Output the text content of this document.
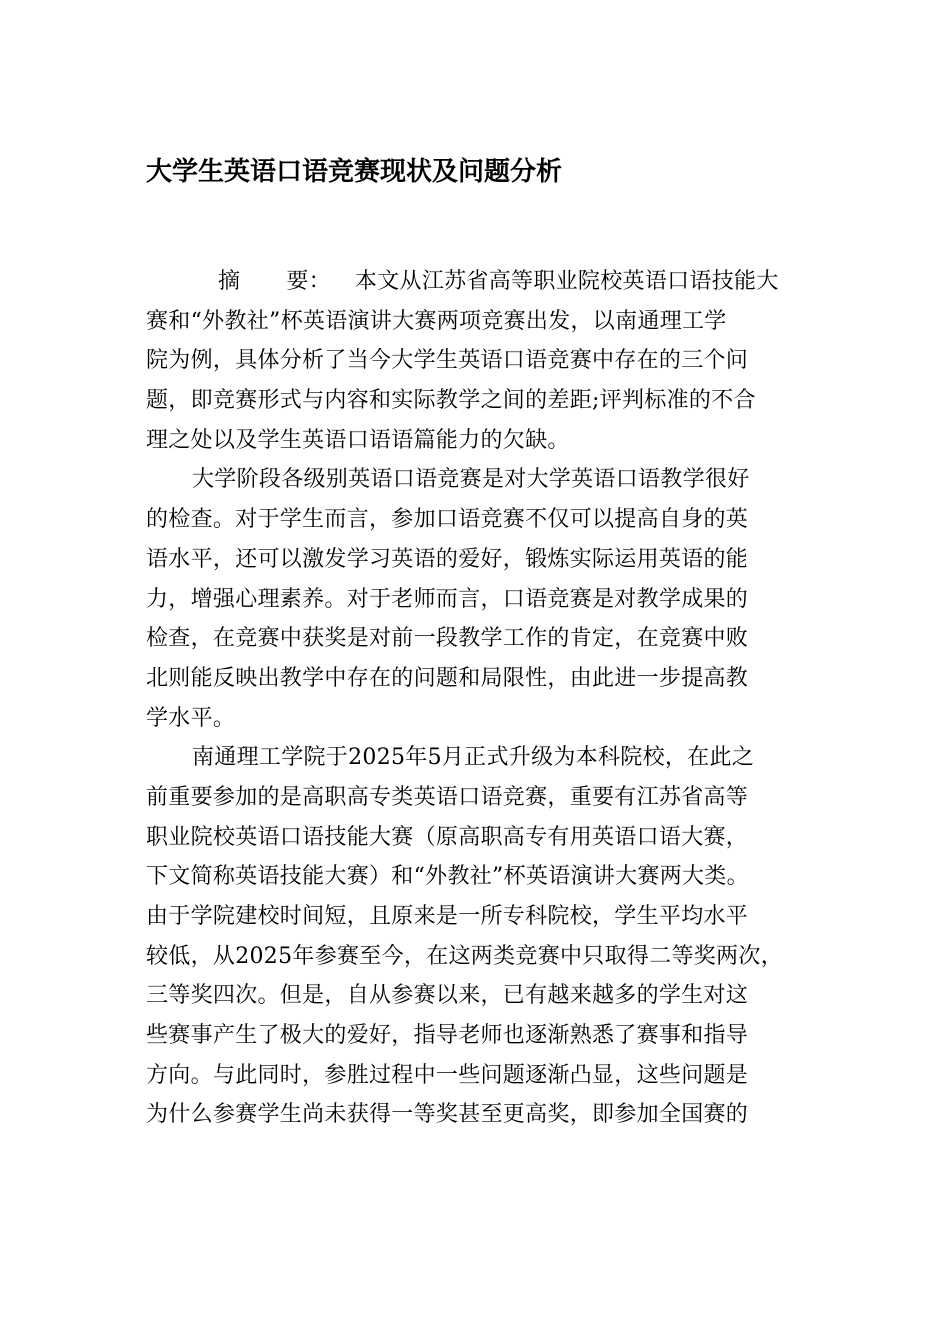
大学生英语口语竞赛现状及问题分析
摘 要： 本文从江苏省高等职业院校英语口语技能大
赛和“外教社”杯英语演讲大赛两项竞赛出发，以南通理工学
院为例，具体分析了当今大学生英语口语竞赛中存在的三个问
题，即竞赛形式与内容和实际教学之间的差距;评判标准的不合
理之处以及学生英语口语语篇能力的欠缺。
大学阶段各级别英语口语竞赛是对大学英语口语教学很好
的检查。对于学生而言，参加口语竞赛不仅可以提高自身的英
语水平，还可以激发学习英语的爱好，锻炼实际运用英语的能
力，增强心理素养。对于老师而言，口语竞赛是对教学成果的
检查，在竞赛中获奖是对前一段教学工作的肯定，在竞赛中败
北则能反映出教学中存在的问题和局限性，由此进一步提高教
学水平。
南通理工学院于2025年5月正式升级为本科院校，在此之
前重要参加的是高职高专类英语口语竞赛，重要有江苏省高等
职业院校英语口语技能大赛（原高职高专有用英语口语大赛，
下文简称英语技能大赛）和“外教社”杯英语演讲大赛两大类。
由于学院建校时间短，且原来是一所专科院校，学生平均水平
较低，从2025年参赛至今，在这两类竞赛中只取得二等奖两次，
三等奖四次。但是，自从参赛以来，已有越来越多的学生对这
些赛事产生了极大的爱好，指导老师也逐渐熟悉了赛事和指导
方向。与此同时，参胜过程中一些问题逐渐凸显，这些问题是
为什么参赛学生尚未获得一等奖甚至更高奖，即参加全国赛的
